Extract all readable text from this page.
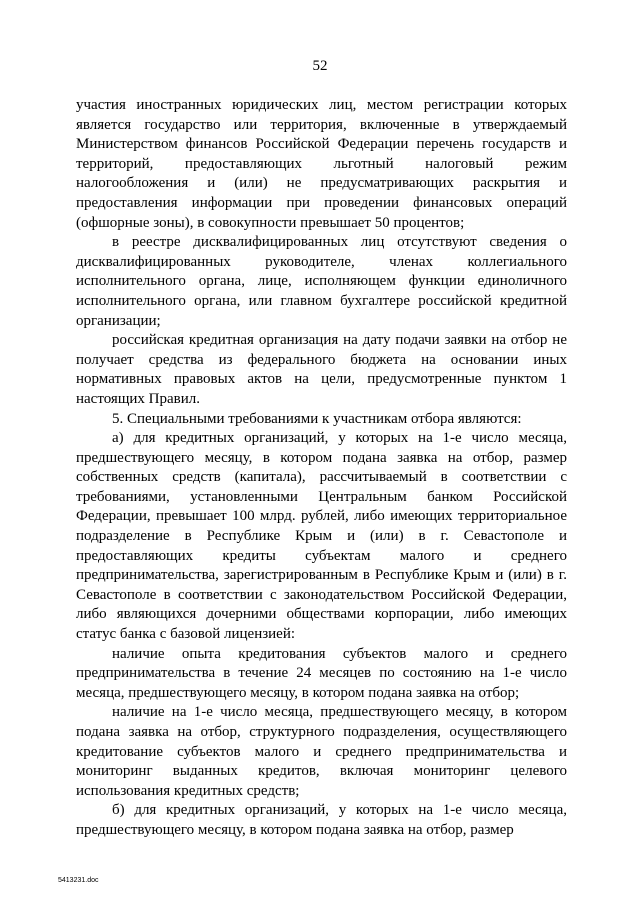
52

участия иностранных юридических лиц, местом регистрации которых является государство или территория, включенные в утверждаемый Министерством финансов Российской Федерации перечень государств и территорий, предоставляющих льготный налоговый режим налогообложения и (или) не предусматривающих раскрытия и предоставления информации при проведении финансовых операций (офшорные зоны), в совокупности превышает 50 процентов;

в реестре дисквалифицированных лиц отсутствуют сведения о дисквалифицированных руководителе, членах коллегиального исполнительного органа, лице, исполняющем функции единоличного исполнительного органа, или главном бухгалтере российской кредитной организации;

российская кредитная организация на дату подачи заявки на отбор не получает средства из федерального бюджета на основании иных нормативных правовых актов на цели, предусмотренные пунктом 1 настоящих Правил.

5. Специальными требованиями к участникам отбора являются:

а) для кредитных организаций, у которых на 1-е число месяца, предшествующего месяцу, в котором подана заявка на отбор, размер собственных средств (капитала), рассчитываемый в соответствии с требованиями, установленными Центральным банком Российской Федерации, превышает 100 млрд. рублей, либо имеющих территориальное подразделение в Республике Крым и (или) в г. Севастополе и предоставляющих кредиты субъектам малого и среднего предпринимательства, зарегистрированным в Республике Крым и (или) в г. Севастополе в соответствии с законодательством Российской Федерации, либо являющихся дочерними обществами корпорации, либо имеющих статус банка с базовой лицензией:

наличие опыта кредитования субъектов малого и среднего предпринимательства в течение 24 месяцев по состоянию на 1-е число месяца, предшествующего месяцу, в котором подана заявка на отбор;

наличие на 1-е число месяца, предшествующего месяцу, в котором подана заявка на отбор, структурного подразделения, осуществляющего кредитование субъектов малого и среднего предпринимательства и мониторинг выданных кредитов, включая мониторинг целевого использования кредитных средств;

б) для кредитных организаций, у которых на 1-е число месяца, предшествующего месяцу, в котором подана заявка на отбор, размер

5413231.doc
